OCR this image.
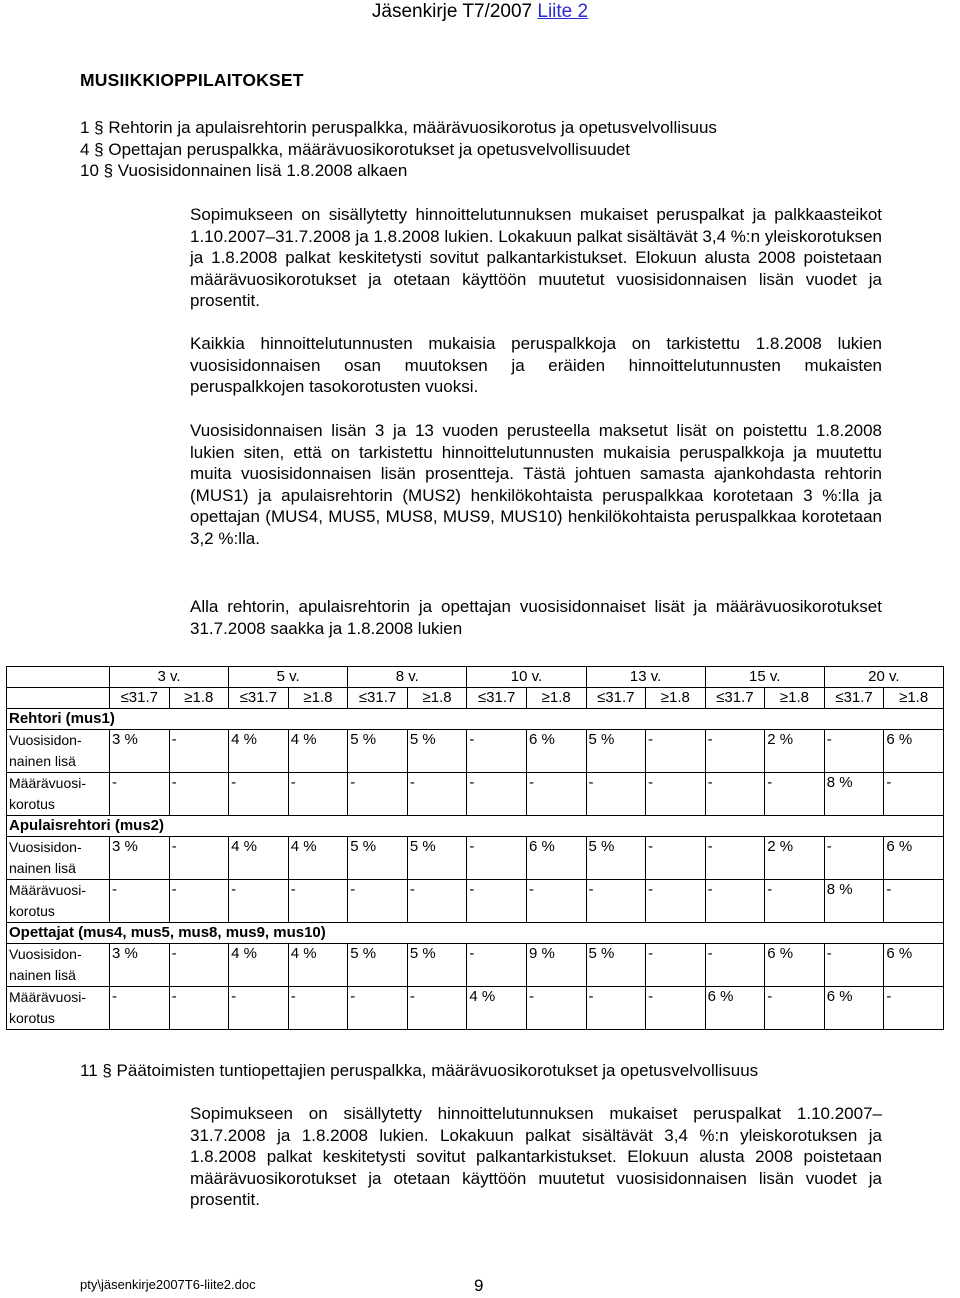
Jäsenkirje T7/2007 Liite 2
MUSIIKKIOPPILAITOKSET
1 § Rehtorin ja apulaisrehtorin peruspalkka, määrävuosikorotus ja opetusvelvollisuus
4 § Opettajan peruspalkka, määrävuosikorotukset ja opetusvelvollisuudet
10 § Vuosisidonnainen lisä 1.8.2008 alkaen

Sopimukseen on sisällytetty hinnoittelutunnuksen mukaiset peruspalkat ja palkkaasteikot 1.10.2007–31.7.2008 ja 1.8.2008 lukien. Lokakuun palkat sisältävät 3,4 %:n yleiskorotuksen ja 1.8.2008 palkat keskitetysti sovitut palkantarkistukset. Elokuun alusta 2008 poistetaan määrävuosikorotukset ja otetaan käyttöön muutetut vuosisidonnaisen lisän vuodet ja prosentit.

Kaikkia hinnoittelutunnusten mukaisia peruspalkkoja on tarkistettu 1.8.2008 lukien vuosisidonnaisen osan muutoksen ja eräiden hinnoittelutunnusten mukaisten peruspalkkojen tasokorotusten vuoksi.

Vuosisidonnaisen lisän 3 ja 13 vuoden perusteella maksetut lisät on poistettu 1.8.2008 lukien siten, että on tarkistettu hinnoittelutunnusten mukaisia peruspalkkoja ja muutettu muita vuosisidonnaisen lisän prosentteja. Tästä johtuen samasta ajankohdasta rehtorin (MUS1) ja apulaisrehtorin (MUS2) henkilökohtaista peruspalkkaa korotetaan 3 %:lla ja opettajan (MUS4, MUS5, MUS8, MUS9, MUS10) henkilökohtaista peruspalkkaa korotetaan 3,2 %:lla.

Alla rehtorin, apulaisrehtorin ja opettajan vuosisidonnaiset lisät ja määrävuosikorotukset 31.7.2008 saakka ja 1.8.2008 lukien

	3 v.		5 v.		8 v.		10 v.		13 v.		15 v.		20 v.	
	≤31.7	≥1.8	≤31.7	≥1.8	≤31.7	≥1.8	≤31.7	≥1.8	≤31.7	≥1.8	≤31.7	≥1.8	≤31.7	≥1.8
Rehtori (mus1)														
Vuosisidon-nainen lisä	3 %	-	4 %	4 %	5 %	5 %	-	6 %	5 %	-	-	2 %	-	6 %
Määrävuosi-korotus	-	-	-	-	-	-	-	-	-	-	-	-	8 %	-
Apulaisrehtori (mus2)														
Vuosisidon-nainen lisä	3 %	-	4 %	4 %	5 %	5 %	-	6 %	5 %	-	-	2 %	-	6 %
Määrävuosi-korotus	-	-	-	-	-	-	-	-	-	-	-	-	8 %	-
Opettajat (mus4, mus5, mus8, mus9, mus10)														
Vuosisidon-nainen lisä	3 %	-	4 %	4 %	5 %	5 %	-	9 %	5 %	-	-	6 %	-	6 %
Määrävuosi-korotus	-	-	-	-	-	-	4 %	-	-	-	6 %	-	6 %	-
11 § Päätoimisten tuntiopettajien peruspalkka, määrävuosikorotukset ja opetusvelvollisuus

Sopimukseen on sisällytetty hinnoittelutunnuksen mukaiset peruspalkat 1.10.2007–31.7.2008 ja 1.8.2008 lukien. Lokakuun palkat sisältävät 3,4 %:n yleiskorotuksen ja 1.8.2008 palkat keskitetysti sovitut palkantarkistukset. Elokuun alusta 2008 poistetaan määrävuosikorotukset ja otetaan käyttöön muutetut vuosisidonnaisen lisän vuodet ja prosentit.

pty\jäsenkirje2007T6-liite2.doc	9
